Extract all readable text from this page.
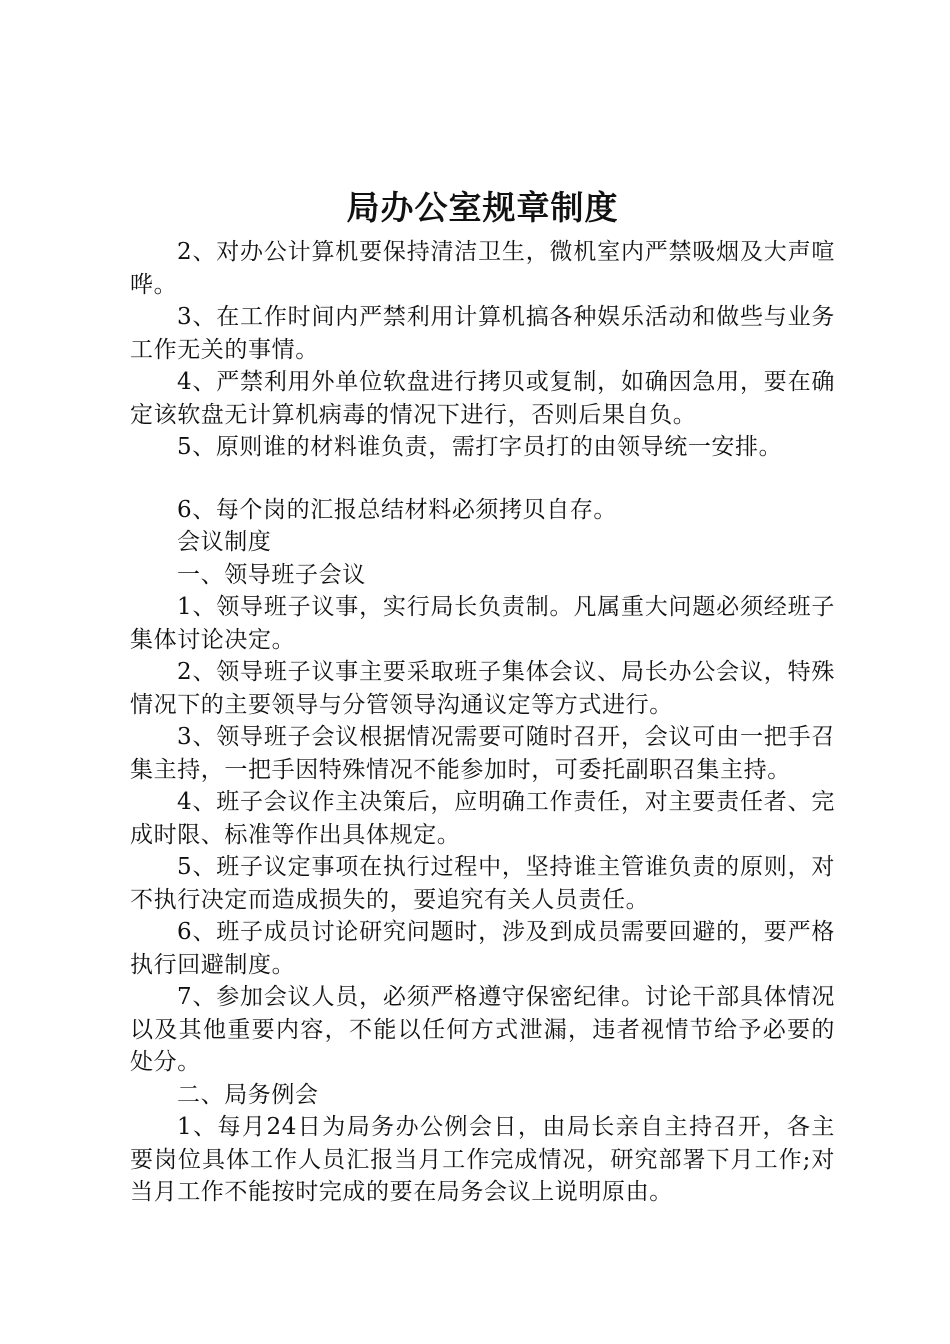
局办公室规章制度

2、对办公计算机要保持清洁卫生，微机室内严禁吸烟及大声喧哗。

3、在工作时间内严禁利用计算机搞各种娱乐活动和做些与业务工作无关的事情。

4、严禁利用外单位软盘进行拷贝或复制，如确因急用，要在确定该软盘无计算机病毒的情况下进行，否则后果自负。

5、原则谁的材料谁负责，需打字员打的由领导统一安排。

6、每个岗的汇报总结材料必须拷贝自存。

会议制度

一、领导班子会议

1、领导班子议事，实行局长负责制。凡属重大问题必须经班子集体讨论决定。

2、领导班子议事主要采取班子集体会议、局长办公会议，特殊情况下的主要领导与分管领导沟通议定等方式进行。

3、领导班子会议根据情况需要可随时召开，会议可由一把手召集主持，一把手因特殊情况不能参加时，可委托副职召集主持。

4、班子会议作主决策后，应明确工作责任，对主要责任者、完成时限、标准等作出具体规定。

5、班子议定事项在执行过程中，坚持谁主管谁负责的原则，对不执行决定而造成损失的，要追究有关人员责任。

6、班子成员讨论研究问题时，涉及到成员需要回避的，要严格执行回避制度。

7、参加会议人员，必须严格遵守保密纪律。讨论干部具体情况以及其他重要内容，不能以任何方式泄漏，违者视情节给予必要的处分。

二、局务例会

1、每月24日为局务办公例会日，由局长亲自主持召开，各主要岗位具体工作人员汇报当月工作完成情况，研究部署下月工作;对当月工作不能按时完成的要在局务会议上说明原由。
